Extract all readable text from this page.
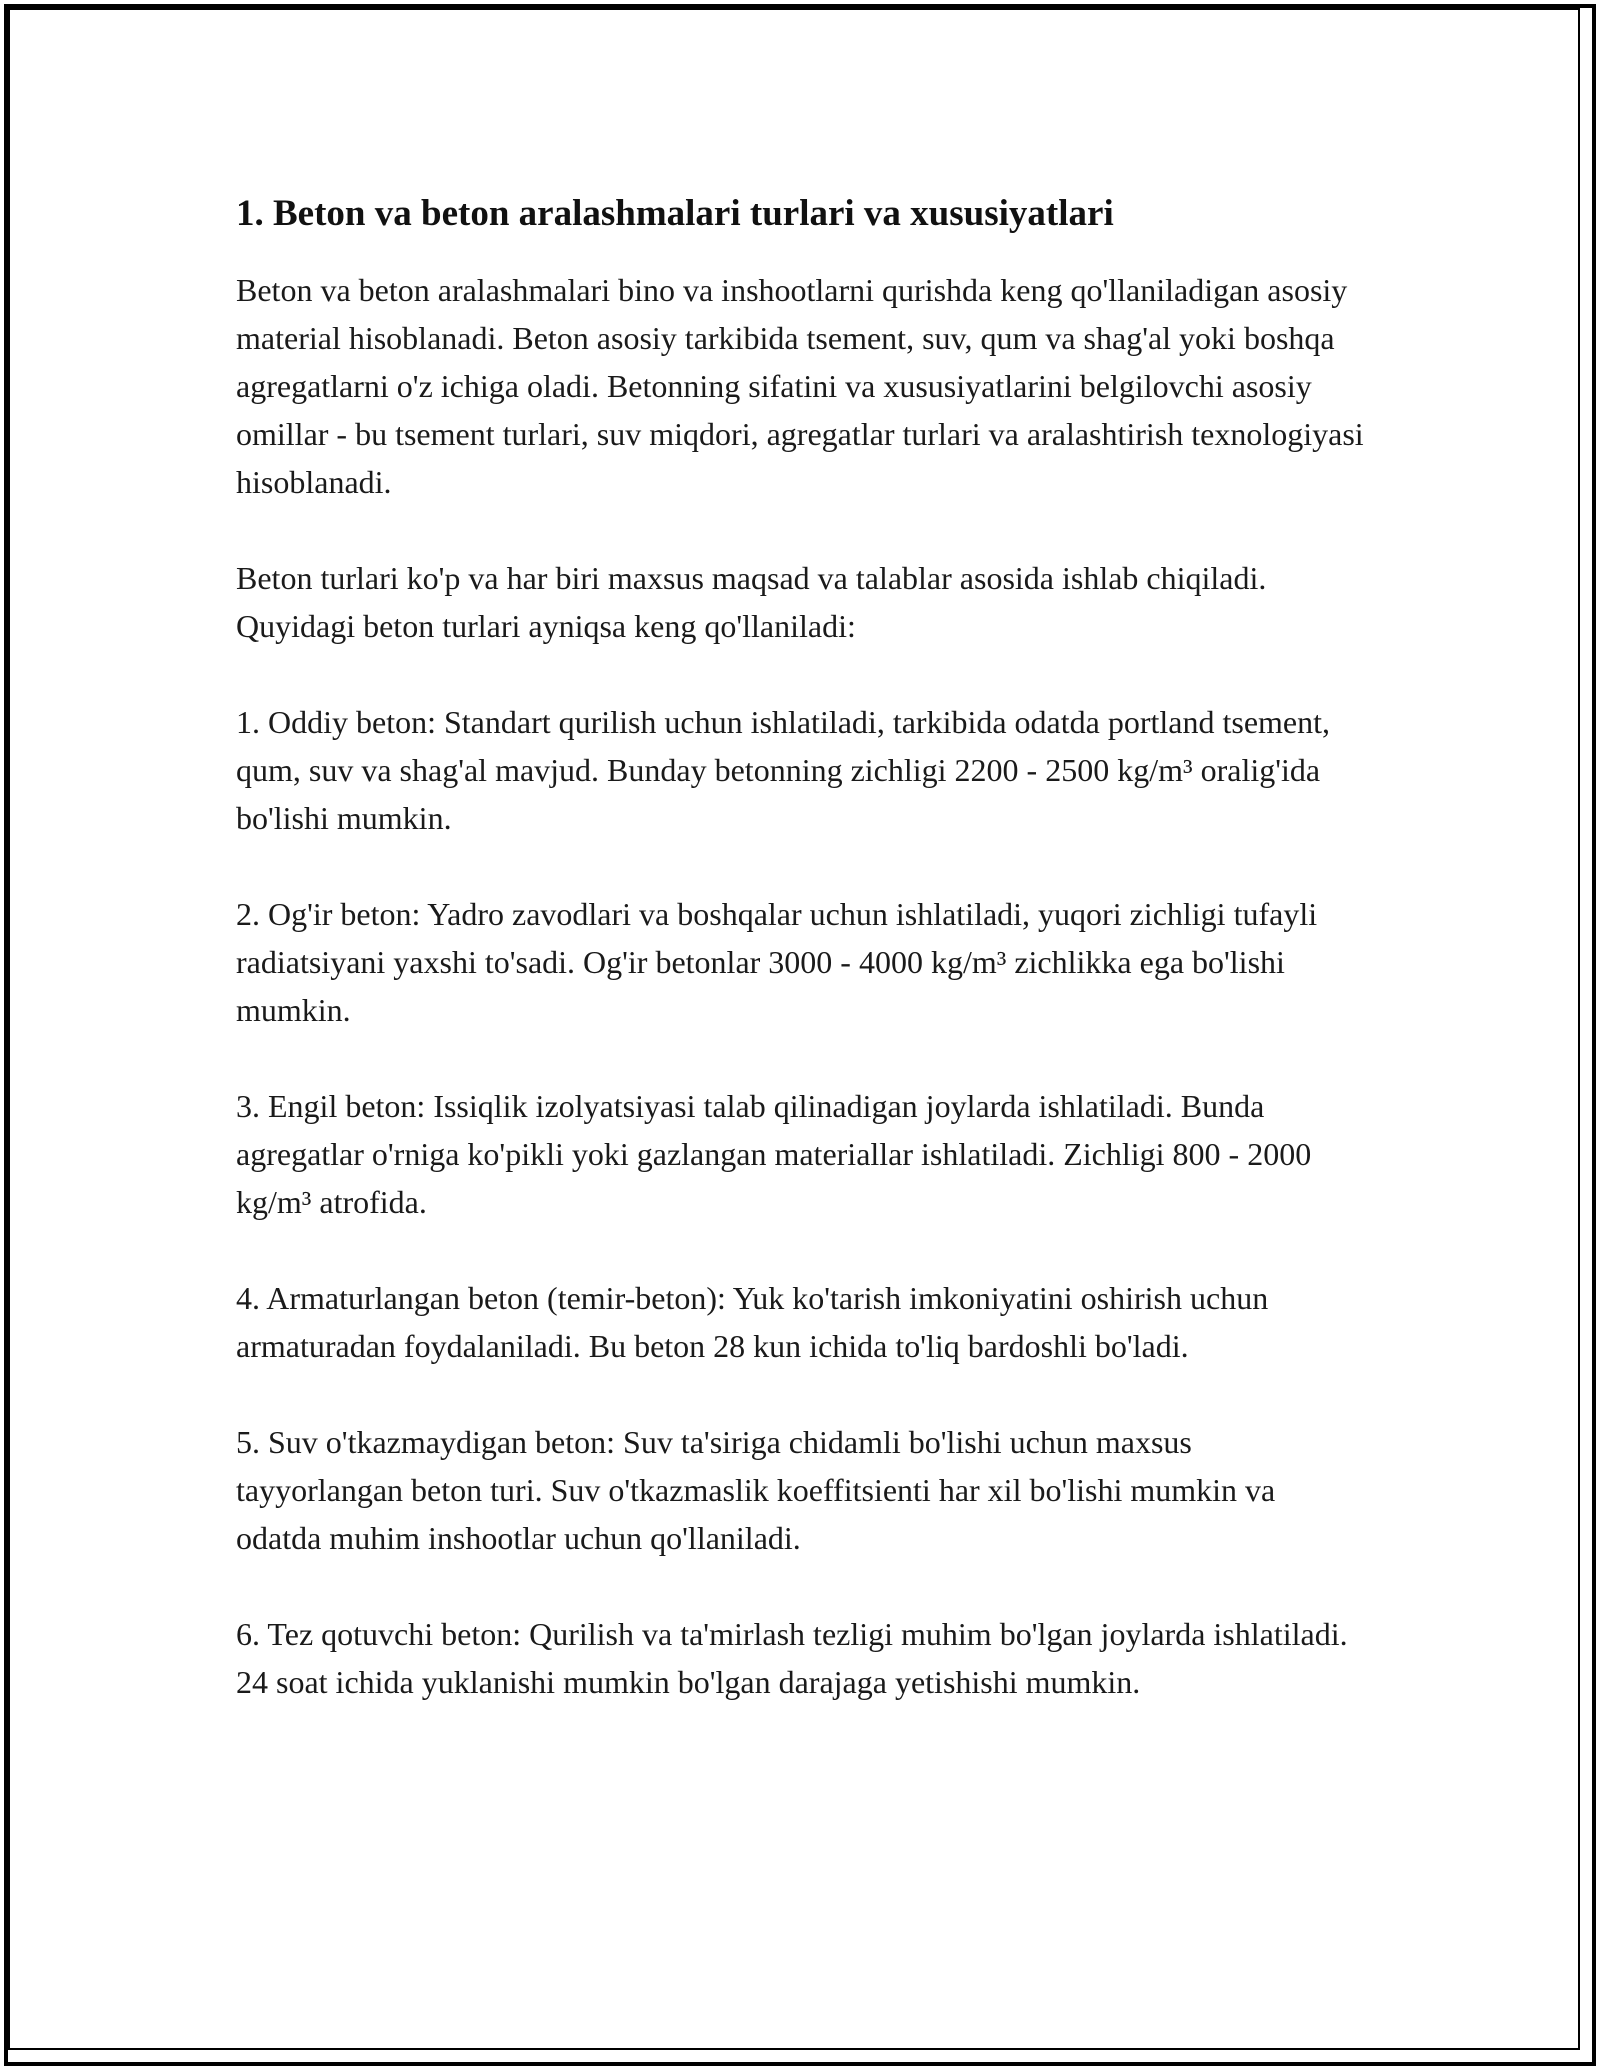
1. Beton va beton aralashmalari turlari va xususiyatlari

Beton va beton aralashmalari bino va inshootlarni qurishda keng qo'llaniladigan asosiy material hisoblanadi. Beton asosiy tarkibida tsement, suv, qum va shag'al yoki boshqa agregatlarni o'z ichiga oladi. Betonning sifatini va xususiyatlarini belgilovchi asosiy omillar - bu tsement turlari, suv miqdori, agregatlar turlari va aralashtirish texnologiyasi hisoblanadi.

Beton turlari ko'p va har biri maxsus maqsad va talablar asosida ishlab chiqiladi. Quyidagi beton turlari ayniqsa keng qo'llaniladi:

1. Oddiy beton: Standart qurilish uchun ishlatiladi, tarkibida odatda portland tsement, qum, suv va shag'al mavjud. Bunday betonning zichligi 2200 - 2500 kg/m³ oralig'ida bo'lishi mumkin.

2. Og'ir beton: Yadro zavodlari va boshqalar uchun ishlatiladi, yuqori zichligi tufayli radiatsiyani yaxshi to'sadi. Og'ir betonlar 3000 - 4000 kg/m³ zichlikka ega bo'lishi mumkin.

3. Engil beton: Issiqlik izolyatsiyasi talab qilinadigan joylarda ishlatiladi. Bunda agregatlar o'rniga ko'pikli yoki gazlangan materiallar ishlatiladi. Zichligi 800 - 2000 kg/m³ atrofida.

4. Armaturlangan beton (temir-beton): Yuk ko'tarish imkoniyatini oshirish uchun armaturadan foydalaniladi. Bu beton 28 kun ichida to'liq bardoshli bo'ladi.

5. Suv o'tkazmaydigan beton: Suv ta'siriga chidamli bo'lishi uchun maxsus tayyorlangan beton turi. Suv o'tkazmaslik koeffitsienti har xil bo'lishi mumkin va odatda muhim inshootlar uchun qo'llaniladi.

6. Tez qotuvchi beton: Qurilish va ta'mirlash tezligi muhim bo'lgan joylarda ishlatiladi. 24 soat ichida yuklanishi mumkin bo'lgan darajaga yetishishi mumkin.
